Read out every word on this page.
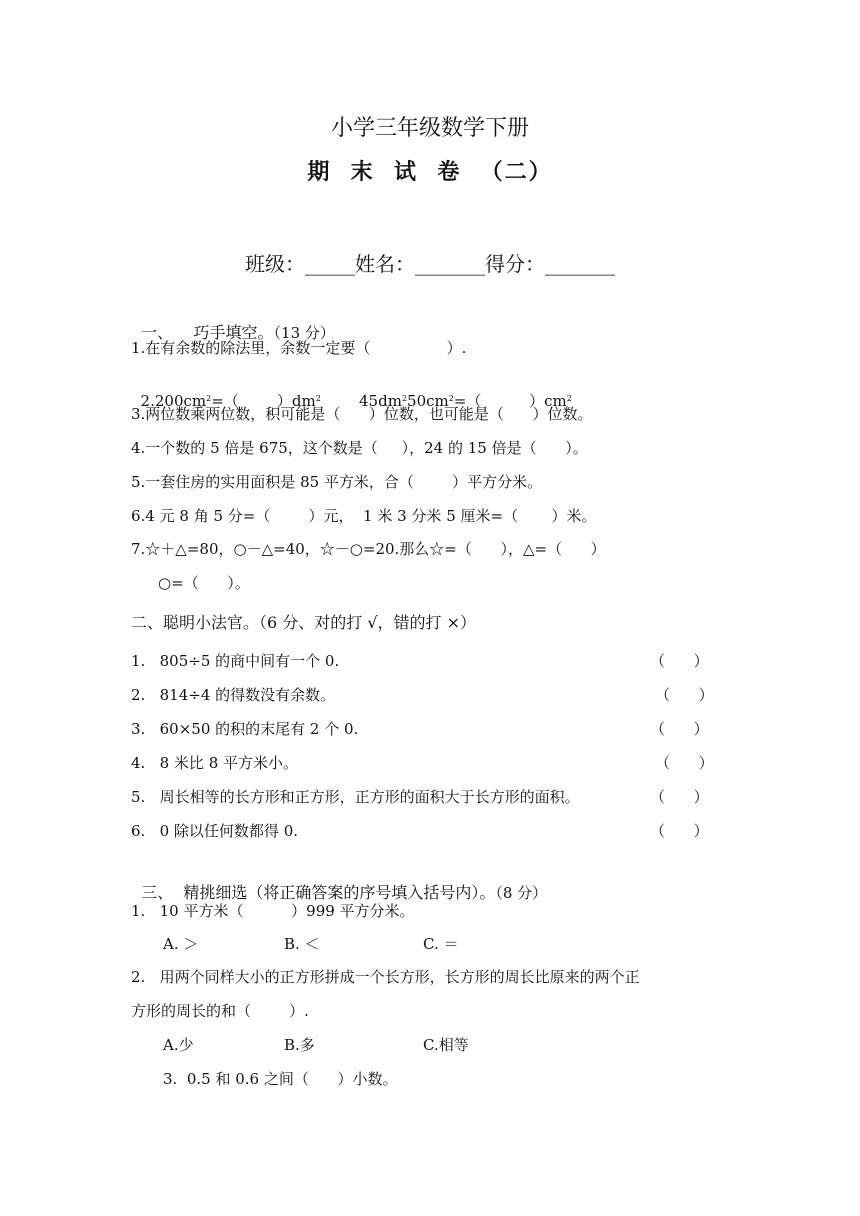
小学三年级数学下册
期  末  试  卷  （二）
班级：_____姓名：_______得分：_______

一、    巧手填空。（13 分）

1.在有余数的除法里，余数一定要（                ）.

$2.200cm^2=$（        ）$dm^2$	$45dm^250cm^2=$（          ）$cm^2$

3.两位数乘两位数，积可能是（      ）位数，也可能是（      ）位数。
4.一个数的 5 倍是 675，这个数是（     ），24 的 15 倍是（      ）。
5.一套住房的实用面积是 85 平方米，合（        ）平方分米。
6.4 元 8 角 5 分=（        ）元，  1 米 3 分米 5 厘米=（       ）米。
7.☆＋△=80，○－△=40，☆－○=20.那么☆=（      ），△=（      ）
○=（      ）。
二、聪明小法官。（6 分、对的打 √，错的打 ×）
1.   805÷5 的商中间有一个 0.	（      ）
2.   814÷4 的得数没有余数。	（      ）
3.   60×50 的积的末尾有 2 个 0.	（      ）
4.   8 米比 8 平方米小。	（      ）
5.   周长相等的长方形和正方形，正方形的面积大于长方形的面积。	（      ）
6.   0 除以任何数都得 0.	（      ）

三、  精挑细选（将正确答案的序号填入括号内）。（8 分）

1.   10 平方米（          ）999 平方分米。
A. ＞	B. ＜	C. ＝
2.   用两个同样大小的正方形拼成一个长方形，长方形的周长比原来的两个正
方形的周长的和（        ）.
A.少	B.多	C.相等
3.  0.5 和 0.6 之间（      ）小数。
